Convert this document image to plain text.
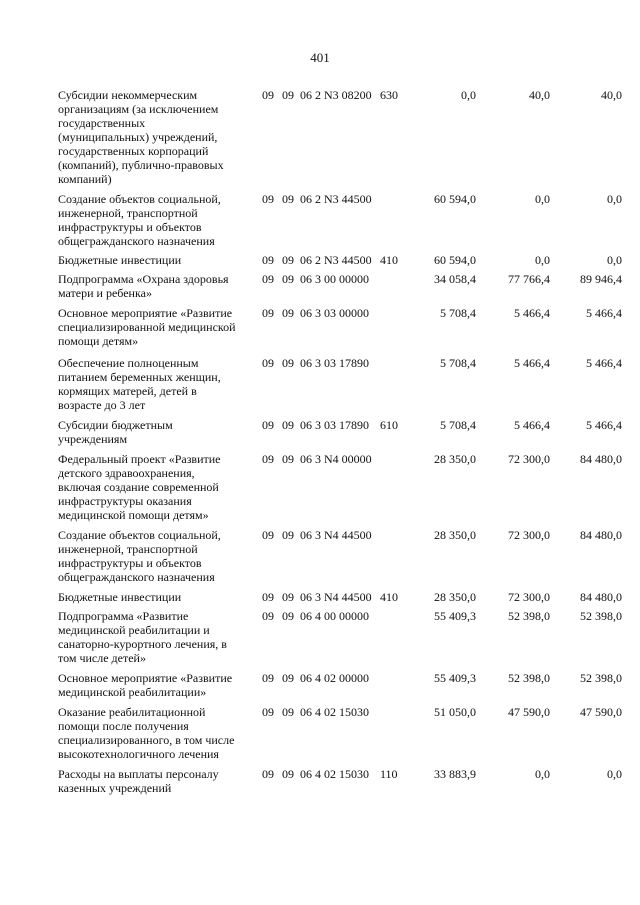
401
Субсидии некоммерческим
организациям (за исключением
государственных
(муниципальных) учреждений,
государственных корпораций
(компаний), публично-правовых
компаний)
09 09 06 2 N3 08200 630	0,0	40,0	40,0
Создание объектов социальной,
инженерной, транспортной
инфраструктуры и объектов
общегражданского назначения
09 09 06 2 N3 44500	60 594,0	0,0	0,0
Бюджетные инвестиции	09 09 06 2 N3 44500 410	60 594,0	0,0	0,0
Подпрограмма «Охрана здоровья
матери и ребенка»
09 09 06 3 00 00000	34 058,4	77 766,4	89 946,4
Основное мероприятие «Развитие
специализированной медицинской
помощи детям»
09 09 06 3 03 00000	5 708,4	5 466,4	5 466,4
Обеспечение полноценным
питанием беременных женщин,
кормящих матерей, детей в
возрасте до 3 лет
09 09 06 3 03 17890	5 708,4	5 466,4	5 466,4
Субсидии бюджетным
учреждениям
09 09 06 3 03 17890 610	5 708,4	5 466,4	5 466,4
Федеральный проект «Развитие
детского здравоохранения,
включая создание современной
инфраструктуры оказания
медицинской помощи детям»
09 09 06 3 N4 00000	28 350,0	72 300,0	84 480,0
Создание объектов социальной,
инженерной, транспортной
инфраструктуры и объектов
общегражданского назначения
09 09 06 3 N4 44500	28 350,0	72 300,0	84 480,0
Бюджетные инвестиции	09 09 06 3 N4 44500 410	28 350,0	72 300,0	84 480,0
Подпрограмма «Развитие
медицинской реабилитации и
санаторно-курортного лечения, в
том числе детей»
09 09 06 4 00 00000	55 409,3	52 398,0	52 398,0
Основное мероприятие «Развитие
медицинской реабилитации»
09 09 06 4 02 00000	55 409,3	52 398,0	52 398,0
Оказание реабилитационной
помощи после получения
специализированного, в том числе
высокотехнологичного лечения
09 09 06 4 02 15030	51 050,0	47 590,0	47 590,0
Расходы на выплаты персоналу
казенных учреждений
09 09 06 4 02 15030 110	33 883,9	0,0	0,0
